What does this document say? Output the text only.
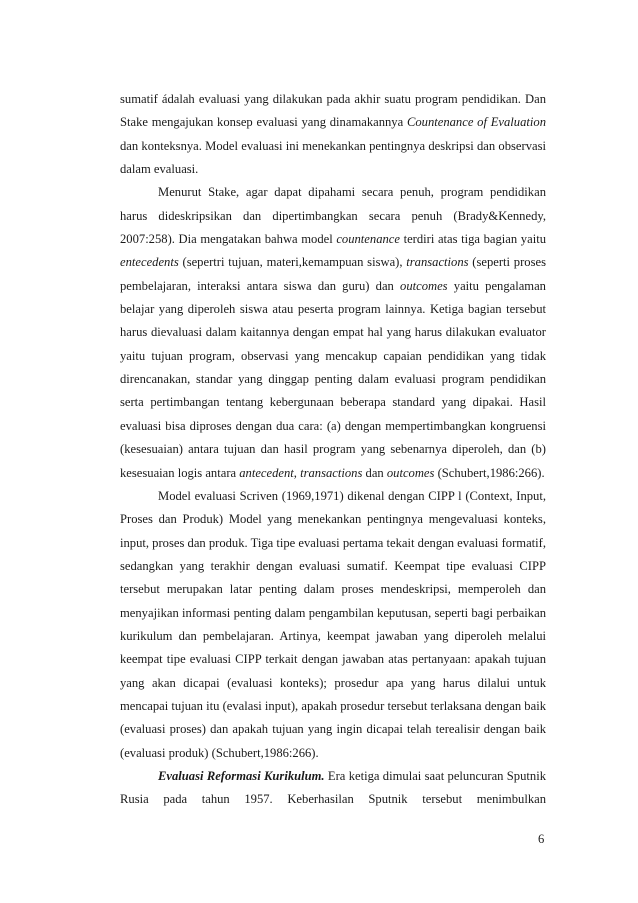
sumatif ádalah evaluasi yang dilakukan pada akhir suatu program pendidikan. Dan Stake mengajukan konsep evaluasi yang dinamakannya Countenance of Evaluation dan konteksnya. Model evaluasi ini menekankan pentingnya deskripsi dan observasi dalam evaluasi.

Menurut Stake, agar dapat dipahami secara penuh, program pendidikan harus dideskripsikan dan dipertimbangkan secara penuh (Brady&Kennedy, 2007:258). Dia mengatakan bahwa model countenance terdiri atas tiga bagian yaitu entecedents (sepertri tujuan, materi,kemampuan siswa), transactions (seperti proses pembelajaran, interaksi antara siswa dan guru) dan outcomes yaitu pengalaman belajar yang diperoleh siswa atau peserta program lainnya. Ketiga bagian tersebut harus dievaluasi dalam kaitannya dengan empat hal yang harus dilakukan evaluator yaitu tujuan program, observasi yang mencakup capaian pendidikan yang tidak direncanakan, standar yang dinggap penting dalam evaluasi program pendidikan serta pertimbangan tentang kebergunaan beberapa standard yang dipakai. Hasil evaluasi bisa diproses dengan dua cara: (a) dengan mempertimbangkan kongruensi (kesesuaian) antara tujuan dan hasil program yang sebenarnya diperoleh, dan (b) kesesuaian logis antara antecedent, transactions dan outcomes (Schubert,1986:266).

Model evaluasi Scriven (1969,1971) dikenal dengan CIPP l (Context, Input, Proses dan Produk) Model yang menekankan pentingnya mengevaluasi konteks, input, proses dan produk. Tiga tipe evaluasi pertama tekait dengan evaluasi formatif, sedangkan yang terakhir dengan evaluasi sumatif. Keempat tipe evaluasi CIPP tersebut merupakan latar penting dalam proses mendeskripsi, memperoleh dan menyajikan informasi penting dalam pengambilan keputusan, seperti bagi perbaikan kurikulum dan pembelajaran. Artinya, keempat jawaban yang diperoleh melalui keempat tipe evaluasi CIPP terkait dengan jawaban atas pertanyaan: apakah tujuan yang akan dicapai (evaluasi konteks); prosedur apa yang harus dilalui untuk mencapai tujuan itu (evalasi input), apakah prosedur tersebut terlaksana dengan baik (evaluasi proses) dan apakah tujuan yang ingin dicapai telah terealisir dengan baik (evaluasi produk) (Schubert,1986:266).

Evaluasi Reformasi Kurikulum. Era ketiga dimulai saat peluncuran Sputnik Rusia pada tahun 1957. Keberhasilan Sputnik tersebut menimbulkan

6
